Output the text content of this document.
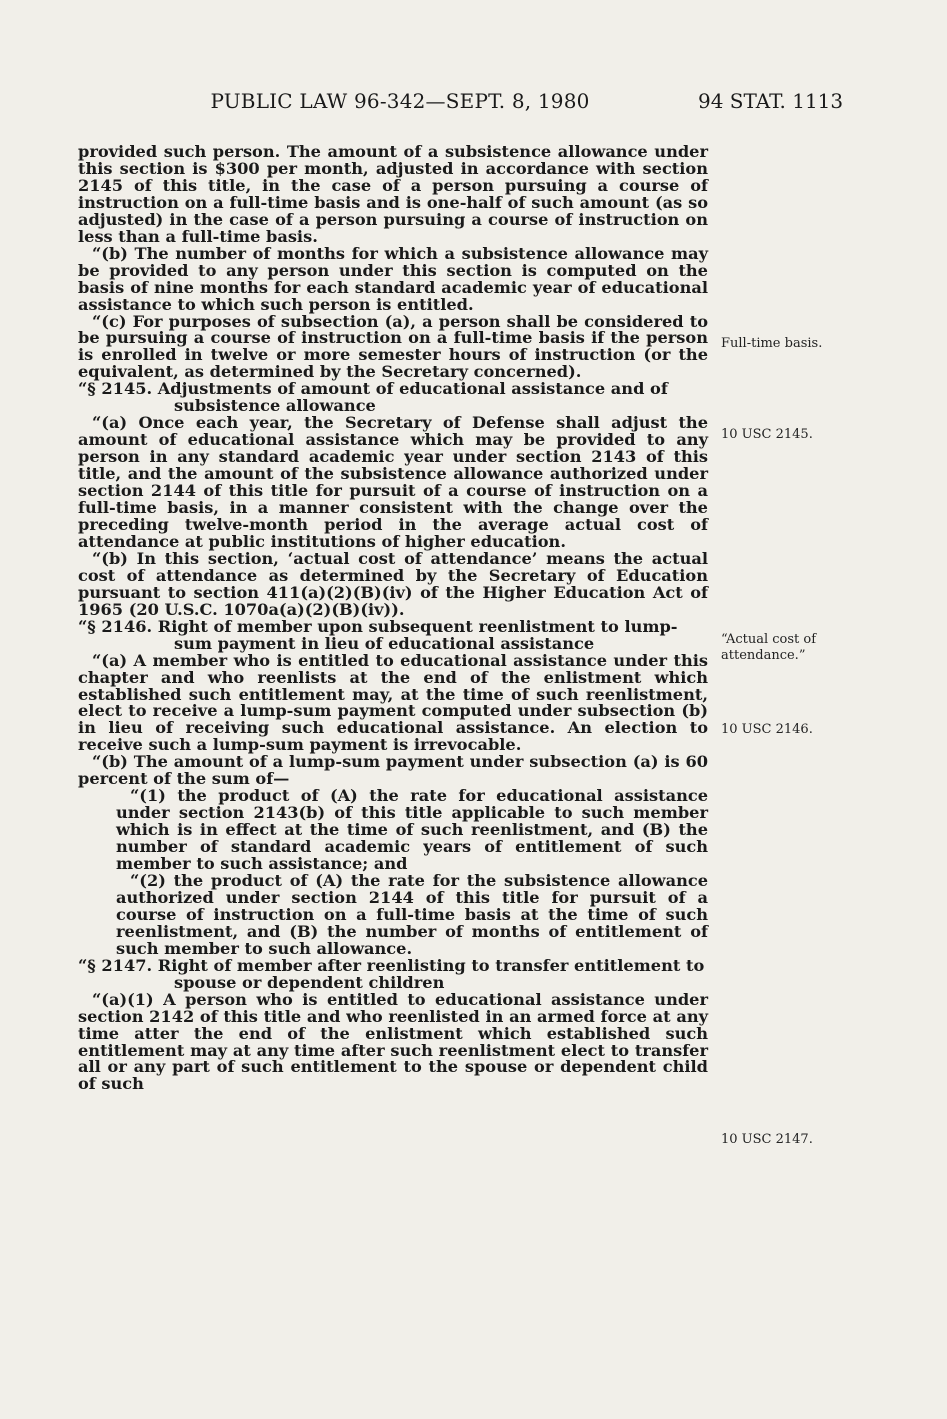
PUBLIC LAW 96-342—SEPT. 8, 1980	94 STAT. 1113

provided such person. The amount of a subsistence allowance under this section is $300 per month, adjusted in accordance with section 2145 of this title, in the case of a person pursuing a course of instruction on a full-time basis and is one-half of such amount (as so adjusted) in the case of a person pursuing a course of instruction on less than a full-time basis.

“(b) The number of months for which a subsistence allowance may be provided to any person under this section is computed on the basis of nine months for each standard academic year of educational assistance to which such person is entitled.

“(c) For purposes of subsection (a), a person shall be considered to be pursuing a course of instruction on a full-time basis if the person is enrolled in twelve or more semester hours of instruction (or the equivalent, as determined by the Secretary concerned).

“§ 2145. Adjustments of amount of educational assistance and of subsistence allowance

“(a) Once each year, the Secretary of Defense shall adjust the amount of educational assistance which may be provided to any person in any standard academic year under section 2143 of this title, and the amount of the subsistence allowance authorized under section 2144 of this title for pursuit of a course of instruction on a full-time basis, in a manner consistent with the change over the preceding twelve-month period in the average actual cost of attendance at public institutions of higher education.

“(b) In this section, ‘actual cost of attendance’ means the actual cost of attendance as determined by the Secretary of Education pursuant to section 411(a)(2)(B)(iv) of the Higher Education Act of 1965 (20 U.S.C. 1070a(a)(2)(B)(iv)).

“§ 2146. Right of member upon subsequent reenlistment to lump-sum payment in lieu of educational assistance

“(a) A member who is entitled to educational assistance under this chapter and who reenlists at the end of the enlistment which established such entitlement may, at the time of such reenlistment, elect to receive a lump-sum payment computed under subsection (b) in lieu of receiving such educational assistance. An election to receive such a lump-sum payment is irrevocable.

“(b) The amount of a lump-sum payment under subsection (a) is 60 percent of the sum of—

“(1) the product of (A) the rate for educational assistance under section 2143(b) of this title applicable to such member which is in effect at the time of such reenlistment, and (B) the number of standard academic years of entitlement of such member to such assistance; and

“(2) the product of (A) the rate for the subsistence allowance authorized under section 2144 of this title for pursuit of a course of instruction on a full-time basis at the time of such reenlistment, and (B) the number of months of entitlement of such member to such allowance.

“§ 2147. Right of member after reenlisting to transfer entitlement to spouse or dependent children

“(a)(1) A person who is entitled to educational assistance under section 2142 of this title and who reenlisted in an armed force at any time atter the end of the enlistment which established such entitlement may at any time after such reenlistment elect to transfer all or any part of such entitlement to the spouse or dependent child of such

Full-time basis.
10 USC 2145.
“Actual cost of
attendance.”
10 USC 2146.
10 USC 2147.
